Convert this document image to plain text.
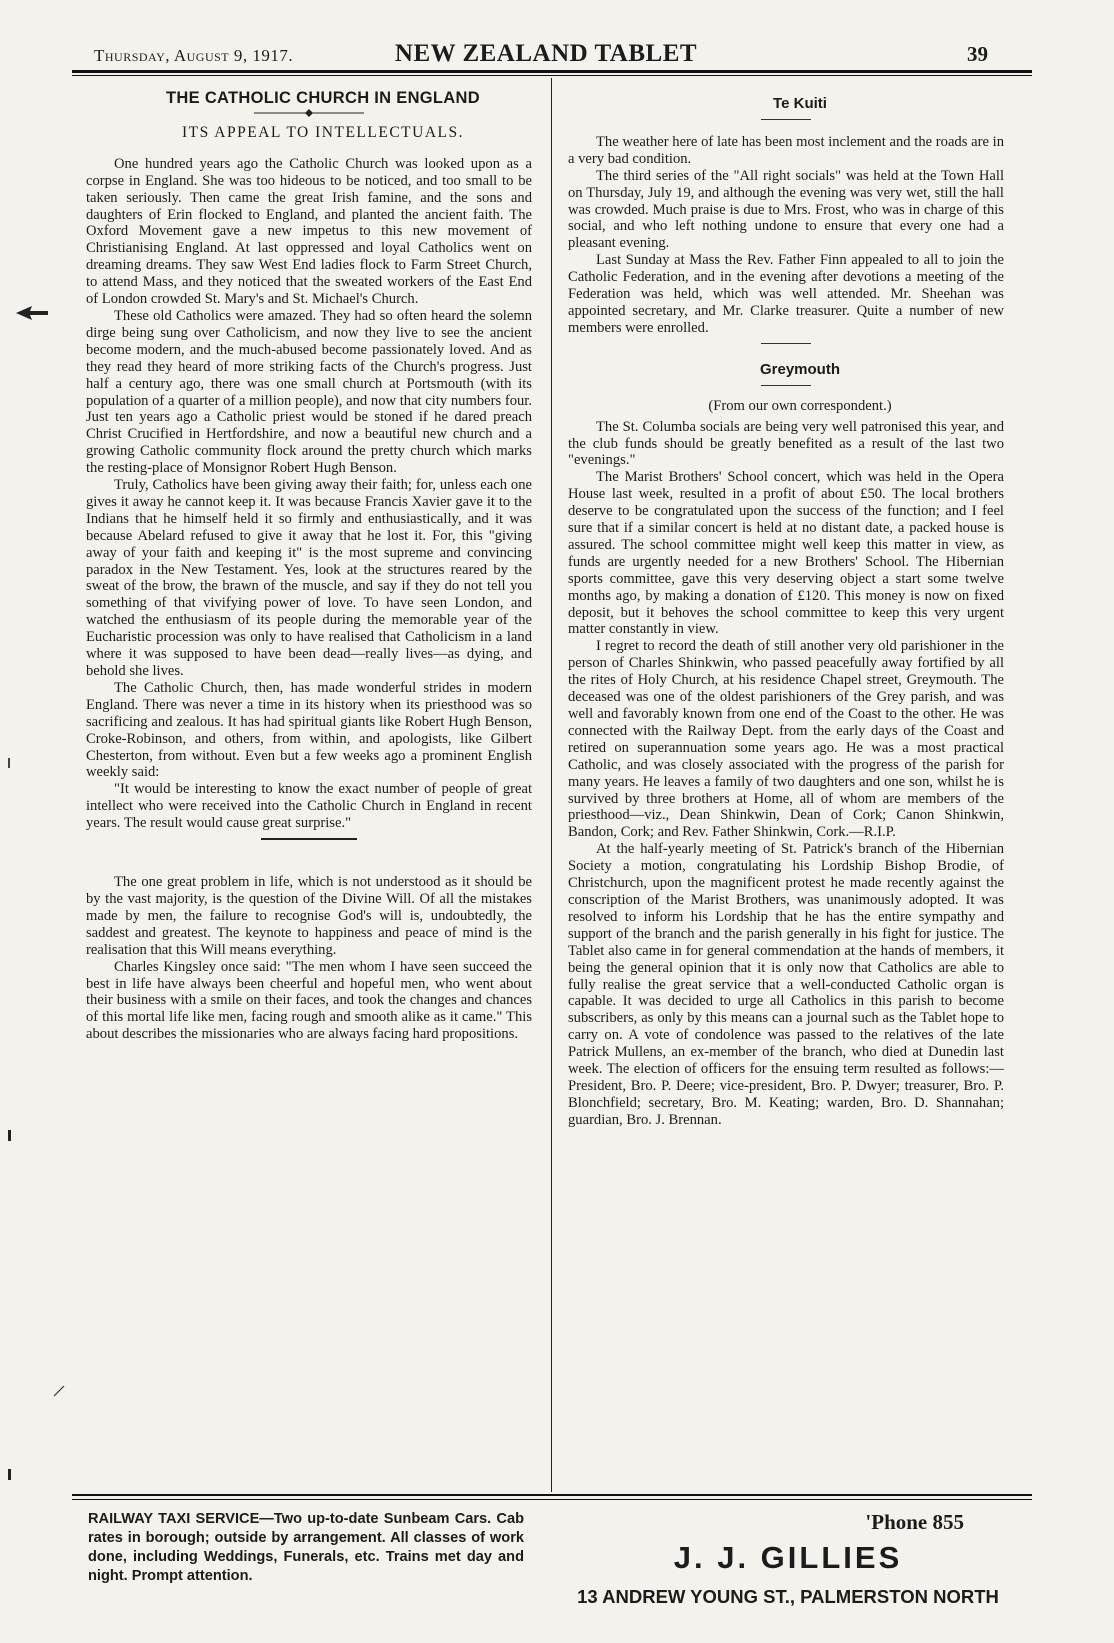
Thursday, August 9, 1917.	NEW ZEALAND TABLET	39

THE CATHOLIC CHURCH IN ENGLAND

ITS APPEAL TO INTELLECTUALS.

One hundred years ago the Catholic Church was looked upon as a corpse in England. She was too hideous to be noticed, and too small to be taken seriously. Then came the great Irish famine, and the sons and daughters of Erin flocked to England, and planted the ancient faith. The Oxford Movement gave a new impetus to this new movement of Christianising England. At last oppressed and loyal Catholics went on dreaming dreams. They saw West End ladies flock to Farm Street Church, to attend Mass, and they noticed that the sweated workers of the East End of London crowded St. Mary's and St. Michael's Church.

These old Catholics were amazed. They had so often heard the solemn dirge being sung over Catholicism, and now they live to see the ancient become modern, and the much-abused become passionately loved. And as they read they heard of more striking facts of the Church's progress. Just half a century ago, there was one small church at Portsmouth (with its population of a quarter of a million people), and now that city numbers four. Just ten years ago a Catholic priest would be stoned if he dared preach Christ Crucified in Hertfordshire, and now a beautiful new church and a growing Catholic community flock around the pretty church which marks the resting-place of Monsignor Robert Hugh Benson.

Truly, Catholics have been giving away their faith; for, unless each one gives it away he cannot keep it. It was because Francis Xavier gave it to the Indians that he himself held it so firmly and enthusiastically, and it was because Abelard refused to give it away that he lost it. For, this "giving away of your faith and keeping it" is the most supreme and convincing paradox in the New Testament. Yes, look at the structures reared by the sweat of the brow, the brawn of the muscle, and say if they do not tell you something of that vivifying power of love. To have seen London, and watched the enthusiasm of its people during the memorable year of the Eucharistic procession was only to have realised that Catholicism in a land where it was supposed to have been dead—really lives—as dying, and behold she lives.

The Catholic Church, then, has made wonderful strides in modern England. There was never a time in its history when its priesthood was so sacrificing and zealous. It has had spiritual giants like Robert Hugh Benson, Croke-Robinson, and others, from within, and apologists, like Gilbert Chesterton, from without. Even but a few weeks ago a prominent English weekly said:

"It would be interesting to know the exact number of people of great intellect who were received into the Catholic Church in England in recent years. The result would cause great surprise."

The one great problem in life, which is not understood as it should be by the vast majority, is the question of the Divine Will. Of all the mistakes made by men, the failure to recognise God's will is, undoubtedly, the saddest and greatest. The keynote to happiness and peace of mind is the realisation that this Will means everything.

Charles Kingsley once said: "The men whom I have seen succeed the best in life have always been cheerful and hopeful men, who went about their business with a smile on their faces, and took the changes and chances of this mortal life like men, facing rough and smooth alike as it came." This about describes the missionaries who are always facing hard propositions.

Te Kuiti

The weather here of late has been most inclement and the roads are in a very bad condition.

The third series of the "All right socials" was held at the Town Hall on Thursday, July 19, and although the evening was very wet, still the hall was crowded. Much praise is due to Mrs. Frost, who was in charge of this social, and who left nothing undone to ensure that every one had a pleasant evening.

Last Sunday at Mass the Rev. Father Finn appealed to all to join the Catholic Federation, and in the evening after devotions a meeting of the Federation was held, which was well attended. Mr. Sheehan was appointed secretary, and Mr. Clarke treasurer. Quite a number of new members were enrolled.

Greymouth

(From our own correspondent.)

The St. Columba socials are being very well patronised this year, and the club funds should be greatly benefited as a result of the last two "evenings."

The Marist Brothers' School concert, which was held in the Opera House last week, resulted in a profit of about £50. The local brothers deserve to be congratulated upon the success of the function; and I feel sure that if a similar concert is held at no distant date, a packed house is assured. The school committee might well keep this matter in view, as funds are urgently needed for a new Brothers' School. The Hibernian sports committee, gave this very deserving object a start some twelve months ago, by making a donation of £120. This money is now on fixed deposit, but it behoves the school committee to keep this very urgent matter constantly in view.

I regret to record the death of still another very old parishioner in the person of Charles Shinkwin, who passed peacefully away fortified by all the rites of Holy Church, at his residence Chapel street, Greymouth. The deceased was one of the oldest parishioners of the Grey parish, and was well and favorably known from one end of the Coast to the other. He was connected with the Railway Dept. from the early days of the Coast and retired on superannuation some years ago. He was a most practical Catholic, and was closely associated with the progress of the parish for many years. He leaves a family of two daughters and one son, whilst he is survived by three brothers at Home, all of whom are members of the priesthood—viz., Dean Shinkwin, Dean of Cork; Canon Shinkwin, Bandon, Cork; and Rev. Father Shinkwin, Cork.—R.I.P.

At the half-yearly meeting of St. Patrick's branch of the Hibernian Society a motion, congratulating his Lordship Bishop Brodie, of Christchurch, upon the magnificent protest he made recently against the conscription of the Marist Brothers, was unanimously adopted. It was resolved to inform his Lordship that he has the entire sympathy and support of the branch and the parish generally in his fight for justice. The Tablet also came in for general commendation at the hands of members, it being the general opinion that it is only now that Catholics are able to fully realise the great service that a well-conducted Catholic organ is capable. It was decided to urge all Catholics in this parish to become subscribers, as only by this means can a journal such as the Tablet hope to carry on. A vote of condolence was passed to the relatives of the late Patrick Mullens, an ex-member of the branch, who died at Dunedin last week. The election of officers for the ensuing term resulted as follows:—President, Bro. P. Deere; vice-president, Bro. P. Dwyer; treasurer, Bro. P. Blonchfield; secretary, Bro. M. Keating; warden, Bro. D. Shannahan; guardian, Bro. J. Brennan.

RAILWAY TAXI SERVICE—Two up-to-date Sunbeam Cars. Cab rates in borough; outside by arrangement. All classes of work done, including Weddings, Funerals, etc. Trains met day and night. Prompt attention.
'Phone 855
J. J. GILLIES
13 ANDREW YOUNG ST., PALMERSTON NORTH
